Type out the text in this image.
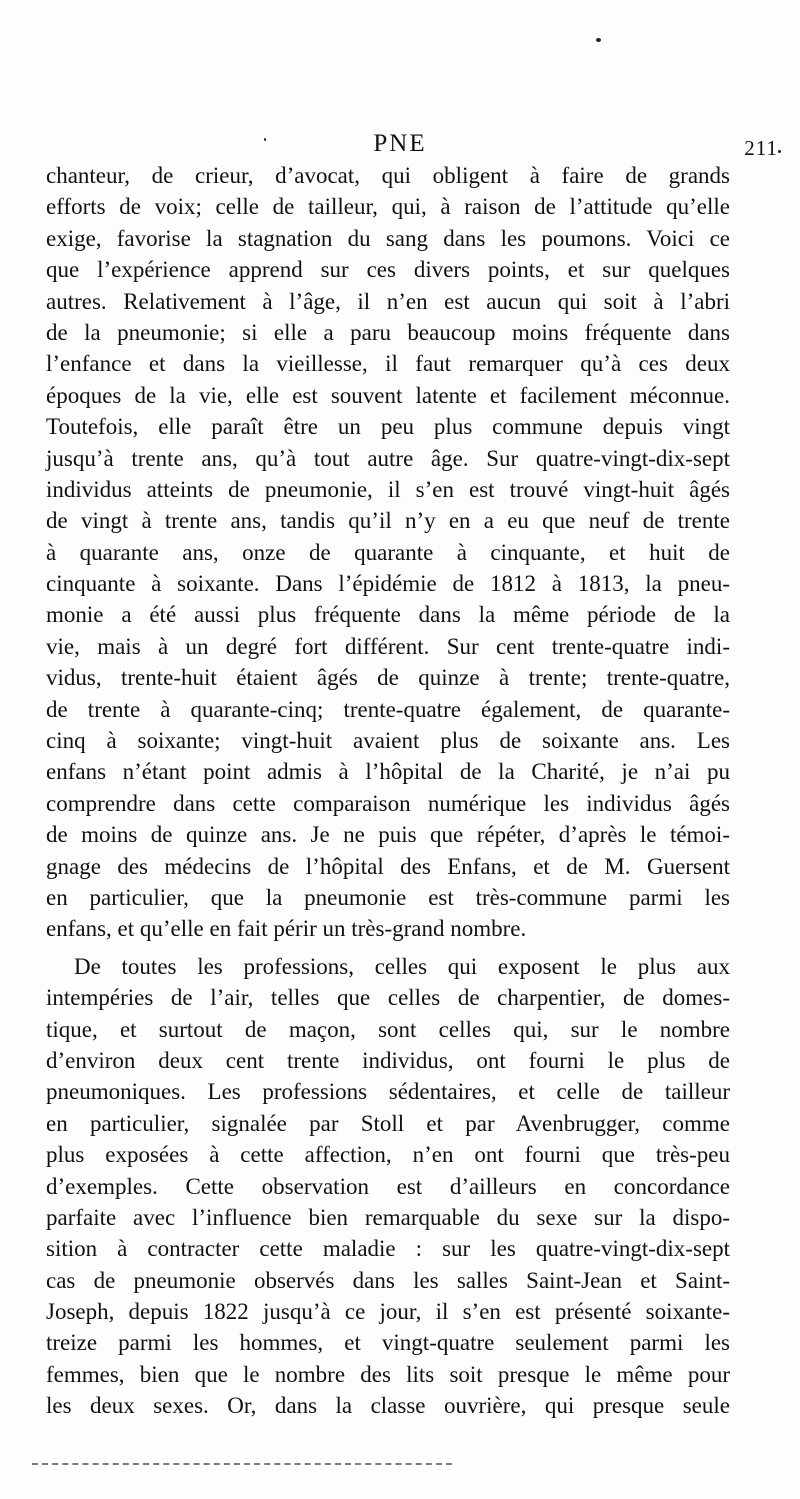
PNE	211
chanteur, de crieur, d’avocat, qui obligent à faire de grands
efforts de voix; celle de tailleur, qui, à raison de l’attitude qu’elle
exige, favorise la stagnation du sang dans les poumons. Voici ce
que l’expérience apprend sur ces divers points, et sur quelques
autres. Relativement à l’âge, il n’en est aucun qui soit à l’abri
de la pneumonie; si elle a paru beaucoup moins fréquente dans
l’enfance et dans la vieillesse, il faut remarquer qu’à ces deux
époques de la vie, elle est souvent latente et facilement méconnue.
Toutefois, elle paraît être un peu plus commune depuis vingt
jusqu’à trente ans, qu’à tout autre âge. Sur quatre-vingt-dix-sept
individus atteints de pneumonie, il s’en est trouvé vingt-huit âgés
de vingt à trente ans, tandis qu’il n’y en a eu que neuf de trente
à quarante ans, onze de quarante à cinquante, et huit de
cinquante à soixante. Dans l’épidémie de 1812 à 1813, la pneu-
monie a été aussi plus fréquente dans la même période de la
vie, mais à un degré fort différent. Sur cent trente-quatre indi-
vidus, trente-huit étaient âgés de quinze à trente; trente-quatre,
de trente à quarante-cinq; trente-quatre également, de quarante-
cinq à soixante; vingt-huit avaient plus de soixante ans. Les
enfans n’étant point admis à l’hôpital de la Charité, je n’ai pu
comprendre dans cette comparaison numérique les individus âgés
de moins de quinze ans. Je ne puis que répéter, d’après le témoi-
gnage des médecins de l’hôpital des Enfans, et de M. Guersent
en particulier, que la pneumonie est très-commune parmi les
enfans, et qu’elle en fait périr un très-grand nombre.
De toutes les professions, celles qui exposent le plus aux
intempéries de l’air, telles que celles de charpentier, de domes-
tique, et surtout de maçon, sont celles qui, sur le nombre
d’environ deux cent trente individus, ont fourni le plus de
pneumoniques. Les professions sédentaires, et celle de tailleur
en particulier, signalée par Stoll et par Avenbrugger, comme
plus exposées à cette affection, n’en ont fourni que très-peu
d’exemples. Cette observation est d’ailleurs en concordance
parfaite avec l’influence bien remarquable du sexe sur la dispo-
sition à contracter cette maladie : sur les quatre-vingt-dix-sept
cas de pneumonie observés dans les salles Saint-Jean et Saint-
Joseph, depuis 1822 jusqu’à ce jour, il s’en est présenté soixante-
treize parmi les hommes, et vingt-quatre seulement parmi les
femmes, bien que le nombre des lits soit presque le même pour
les deux sexes. Or, dans la classe ouvrière, qui presque seule
